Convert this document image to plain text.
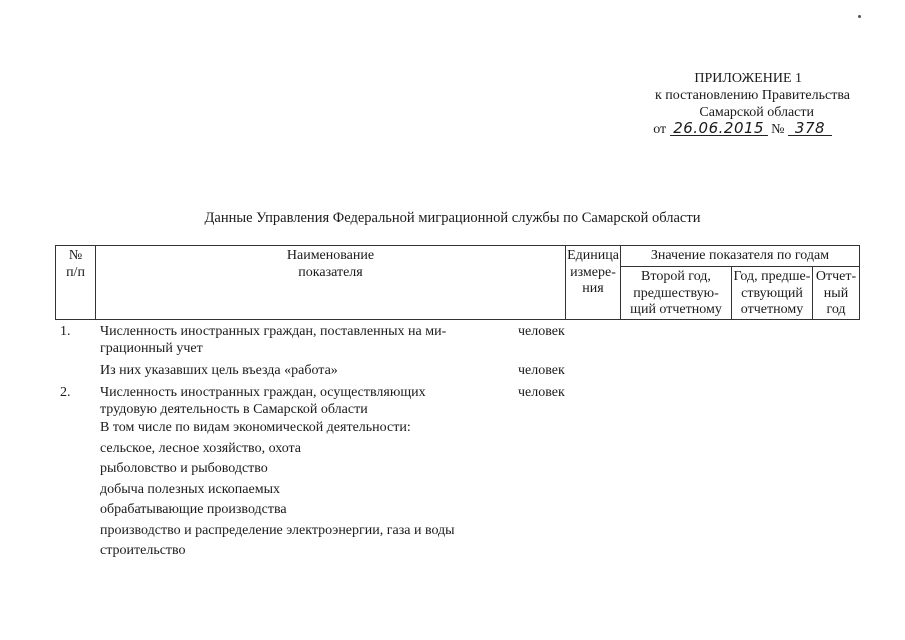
ПРИЛОЖЕНИЕ 1
к постановлению Правительства
Самарской области
от 26.06.2015 № 378
Данные Управления Федеральной миграционной службы по Самарской области
№
п/п
Наименование
показателя
Единица
измере-
ния
Значение показателя по годам
Второй год,
предшествую-
щий отчетному
Год, предше-
ствующий
отчетному
Отчет-
ный
год
1. Численность иностранных граждан, поставленных на ми-
грационный учет
человек
Из них указавших цель въезда «работа»	человек
2. Численность иностранных граждан, осуществляющих
трудовую деятельность в Самарской области
человек
В том числе по видам экономической деятельности:
сельское, лесное хозяйство, охота
рыболовство и рыбоводство
добыча полезных ископаемых
обрабатывающие производства
производство и распределение электроэнергии, газа и воды
строительство
